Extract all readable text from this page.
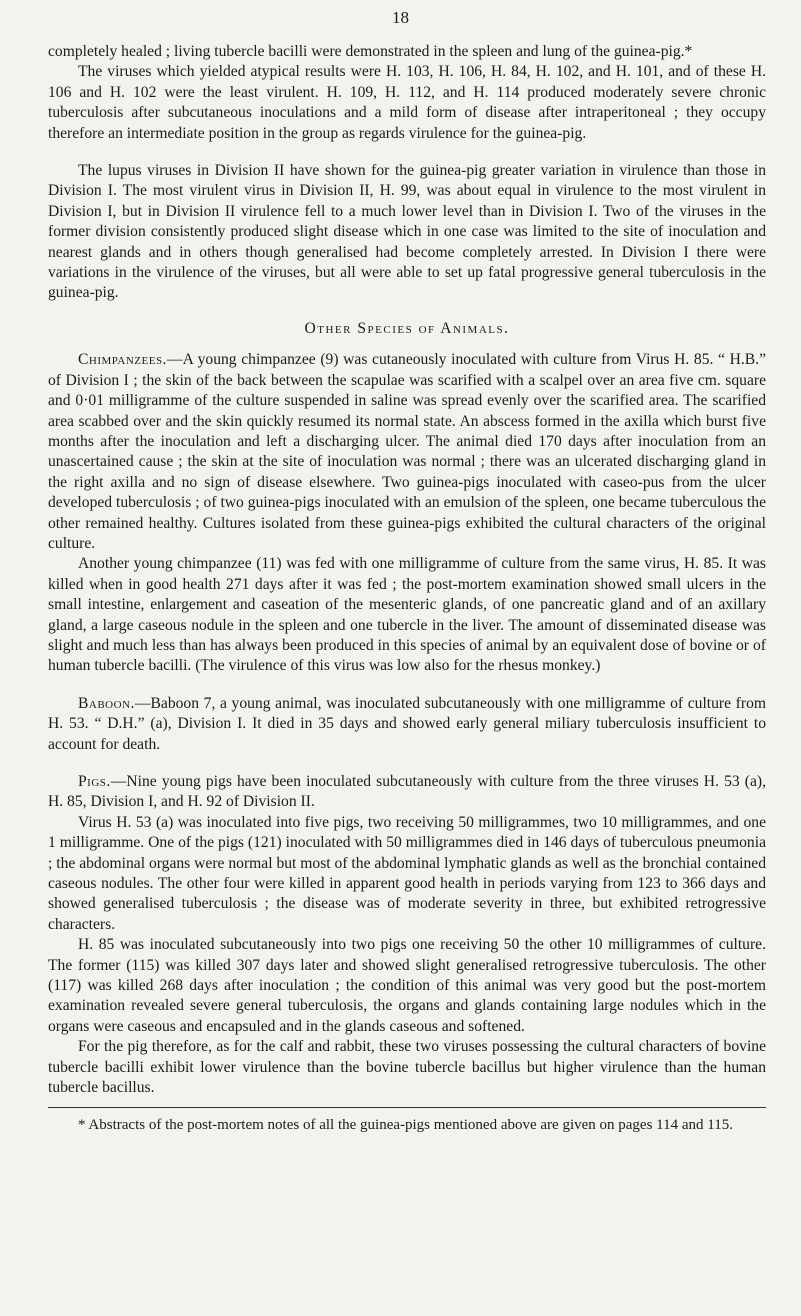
18

completely healed ; living tubercle bacilli were demonstrated in the spleen and lung of the guinea-pig.*

The viruses which yielded atypical results were H. 103, H. 106, H. 84, H. 102, and H. 101, and of these H. 106 and H. 102 were the least virulent. H. 109, H. 112, and H. 114 produced moderately severe chronic tuberculosis after subcutaneous inoculations and a mild form of disease after intraperitoneal ; they occupy therefore an intermediate position in the group as regards virulence for the guinea-pig.

The lupus viruses in Division II have shown for the guinea-pig greater variation in virulence than those in Division I. The most virulent virus in Division II, H. 99, was about equal in virulence to the most virulent in Division I, but in Division II virulence fell to a much lower level than in Division I. Two of the viruses in the former division consistently produced slight disease which in one case was limited to the site of inoculation and nearest glands and in others though generalised had become completely arrested. In Division I there were variations in the virulence of the viruses, but all were able to set up fatal progressive general tuberculosis in the guinea-pig.

Other Species of Animals.

Chimpanzees.—A young chimpanzee (9) was cutaneously inoculated with culture from Virus H. 85. “ H.B.” of Division I ; the skin of the back between the scapulae was scarified with a scalpel over an area five cm. square and 0·01 milligramme of the culture suspended in saline was spread evenly over the scarified area. The scarified area scabbed over and the skin quickly resumed its normal state. An abscess formed in the axilla which burst five months after the inoculation and left a discharging ulcer. The animal died 170 days after inoculation from an unascertained cause ; the skin at the site of inoculation was normal ; there was an ulcerated discharging gland in the right axilla and no sign of disease elsewhere. Two guinea-pigs inoculated with caseo-pus from the ulcer developed tuberculosis ; of two guinea-pigs inoculated with an emulsion of the spleen, one became tuberculous the other remained healthy. Cultures isolated from these guinea-pigs exhibited the cultural characters of the original culture.

Another young chimpanzee (11) was fed with one milligramme of culture from the same virus, H. 85. It was killed when in good health 271 days after it was fed ; the post-mortem examination showed small ulcers in the small intestine, enlargement and caseation of the mesenteric glands, of one pancreatic gland and of an axillary gland, a large caseous nodule in the spleen and one tubercle in the liver. The amount of disseminated disease was slight and much less than has always been produced in this species of animal by an equivalent dose of bovine or of human tubercle bacilli. (The virulence of this virus was low also for the rhesus monkey.)

Baboon.—Baboon 7, a young animal, was inoculated subcutaneously with one milligramme of culture from H. 53. “ D.H.” (a), Division I. It died in 35 days and showed early general miliary tuberculosis insufficient to account for death.

Pigs.—Nine young pigs have been inoculated subcutaneously with culture from the three viruses H. 53 (a), H. 85, Division I, and H. 92 of Division II.

Virus H. 53 (a) was inoculated into five pigs, two receiving 50 milligrammes, two 10 milligrammes, and one 1 milligramme. One of the pigs (121) inoculated with 50 milligrammes died in 146 days of tuberculous pneumonia ; the abdominal organs were normal but most of the abdominal lymphatic glands as well as the bronchial contained caseous nodules. The other four were killed in apparent good health in periods varying from 123 to 366 days and showed generalised tuberculosis ; the disease was of moderate severity in three, but exhibited retrogressive characters.

H. 85 was inoculated subcutaneously into two pigs one receiving 50 the other 10 milligrammes of culture. The former (115) was killed 307 days later and showed slight generalised retrogressive tuberculosis. The other (117) was killed 268 days after inoculation ; the condition of this animal was very good but the post-mortem examination revealed severe general tuberculosis, the organs and glands containing large nodules which in the organs were caseous and encapsuled and in the glands caseous and softened.

For the pig therefore, as for the calf and rabbit, these two viruses possessing the cultural characters of bovine tubercle bacilli exhibit lower virulence than the bovine tubercle bacillus but higher virulence than the human tubercle bacillus.

* Abstracts of the post-mortem notes of all the guinea-pigs mentioned above are given on pages 114 and 115.
